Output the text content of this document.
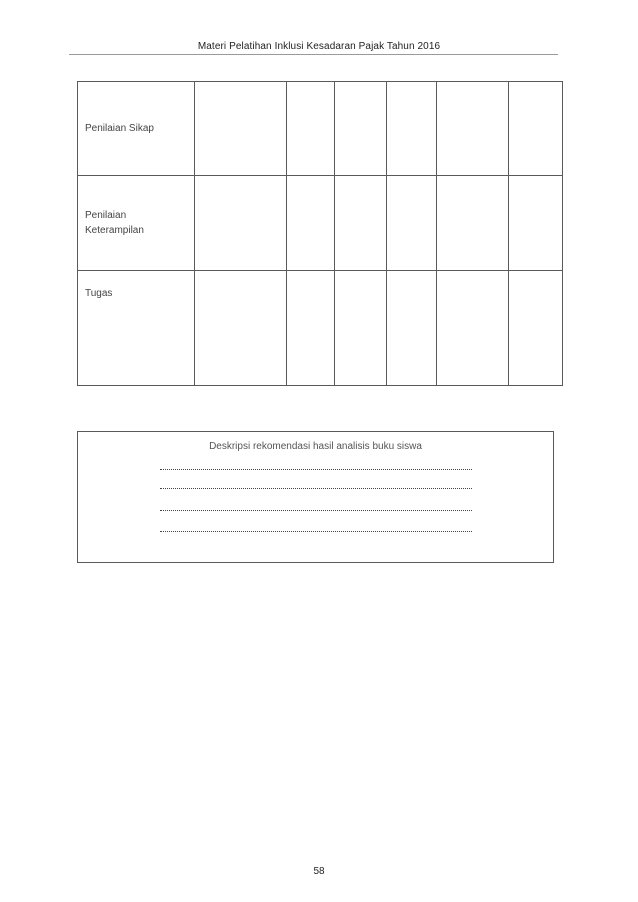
Materi Pelatihan Inklusi Kesadaran Pajak Tahun 2016
Penilaian Sikap						

Penilaian
Keterampilan						

Tugas						
Deskripsi rekomendasi hasil analisis buku siswa
58
